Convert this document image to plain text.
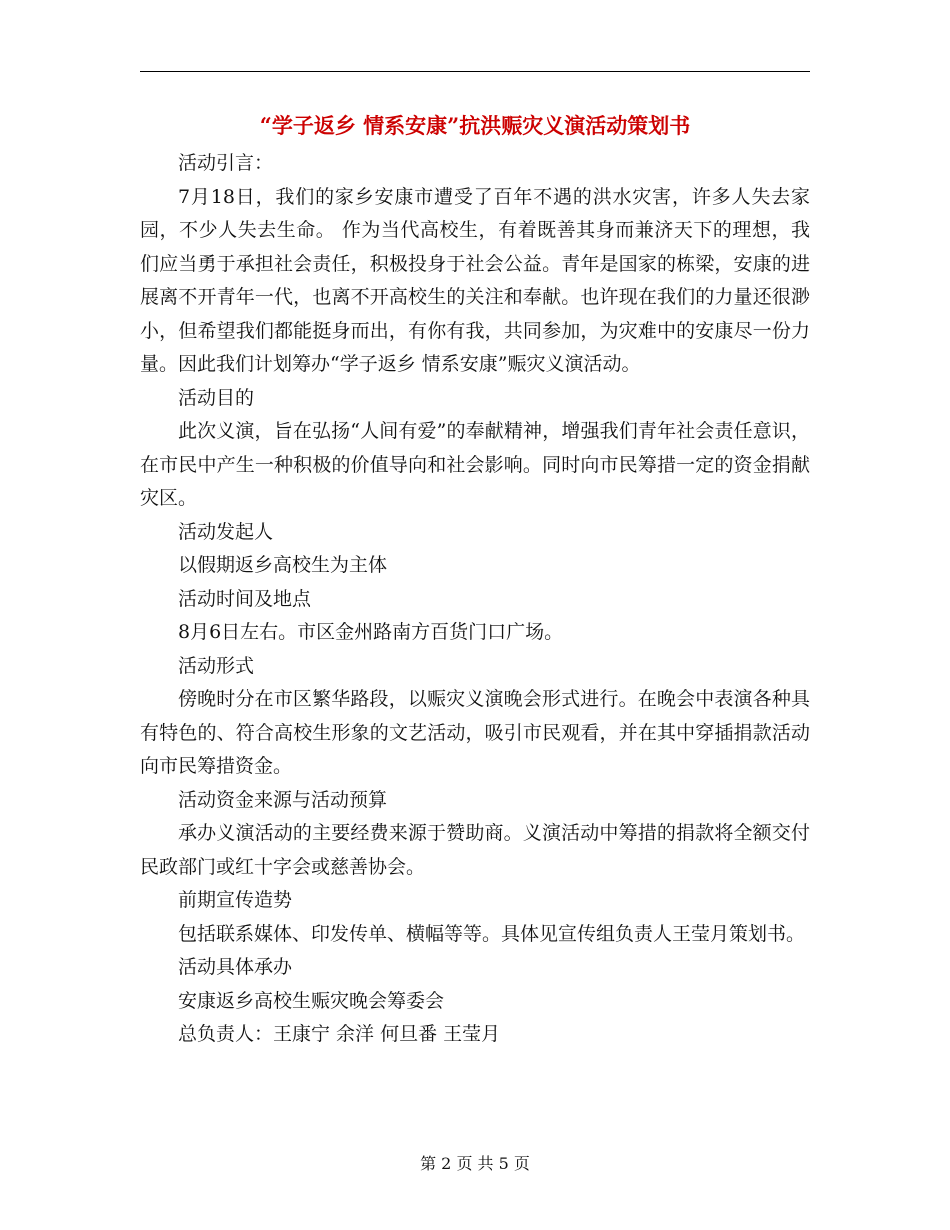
“学子返乡 情系安康”抗洪赈灾义演活动策划书

活动引言：

7月18日，我们的家乡安康市遭受了百年不遇的洪水灾害，许多人失去家园，不少人失去生命。 作为当代高校生，有着既善其身而兼济天下的理想，我们应当勇于承担社会责任，积极投身于社会公益。青年是国家的栋梁，安康的进展离不开青年一代，也离不开高校生的关注和奉献。也许现在我们的力量还很渺小，但希望我们都能挺身而出，有你有我，共同参加，为灾难中的安康尽一份力量。因此我们计划筹办“学子返乡 情系安康”赈灾义演活动。

活动目的

此次义演，旨在弘扬“人间有爱”的奉献精神，增强我们青年社会责任意识，在市民中产生一种积极的价值导向和社会影响。同时向市民筹措一定的资金捐献灾区。

活动发起人

以假期返乡高校生为主体

活动时间及地点

8月6日左右。市区金州路南方百货门口广场。

活动形式

傍晚时分在市区繁华路段，以赈灾义演晚会形式进行。在晚会中表演各种具有特色的、符合高校生形象的文艺活动，吸引市民观看，并在其中穿插捐款活动向市民筹措资金。

活动资金来源与活动预算

承办义演活动的主要经费来源于赞助商。义演活动中筹措的捐款将全额交付民政部门或红十字会或慈善协会。

前期宣传造势

包括联系媒体、印发传单、横幅等等。具体见宣传组负责人王莹月策划书。

活动具体承办

安康返乡高校生赈灾晚会筹委会

总负责人：王康宁 余洋 何旦番 王莹月

第 2 页 共 5 页
